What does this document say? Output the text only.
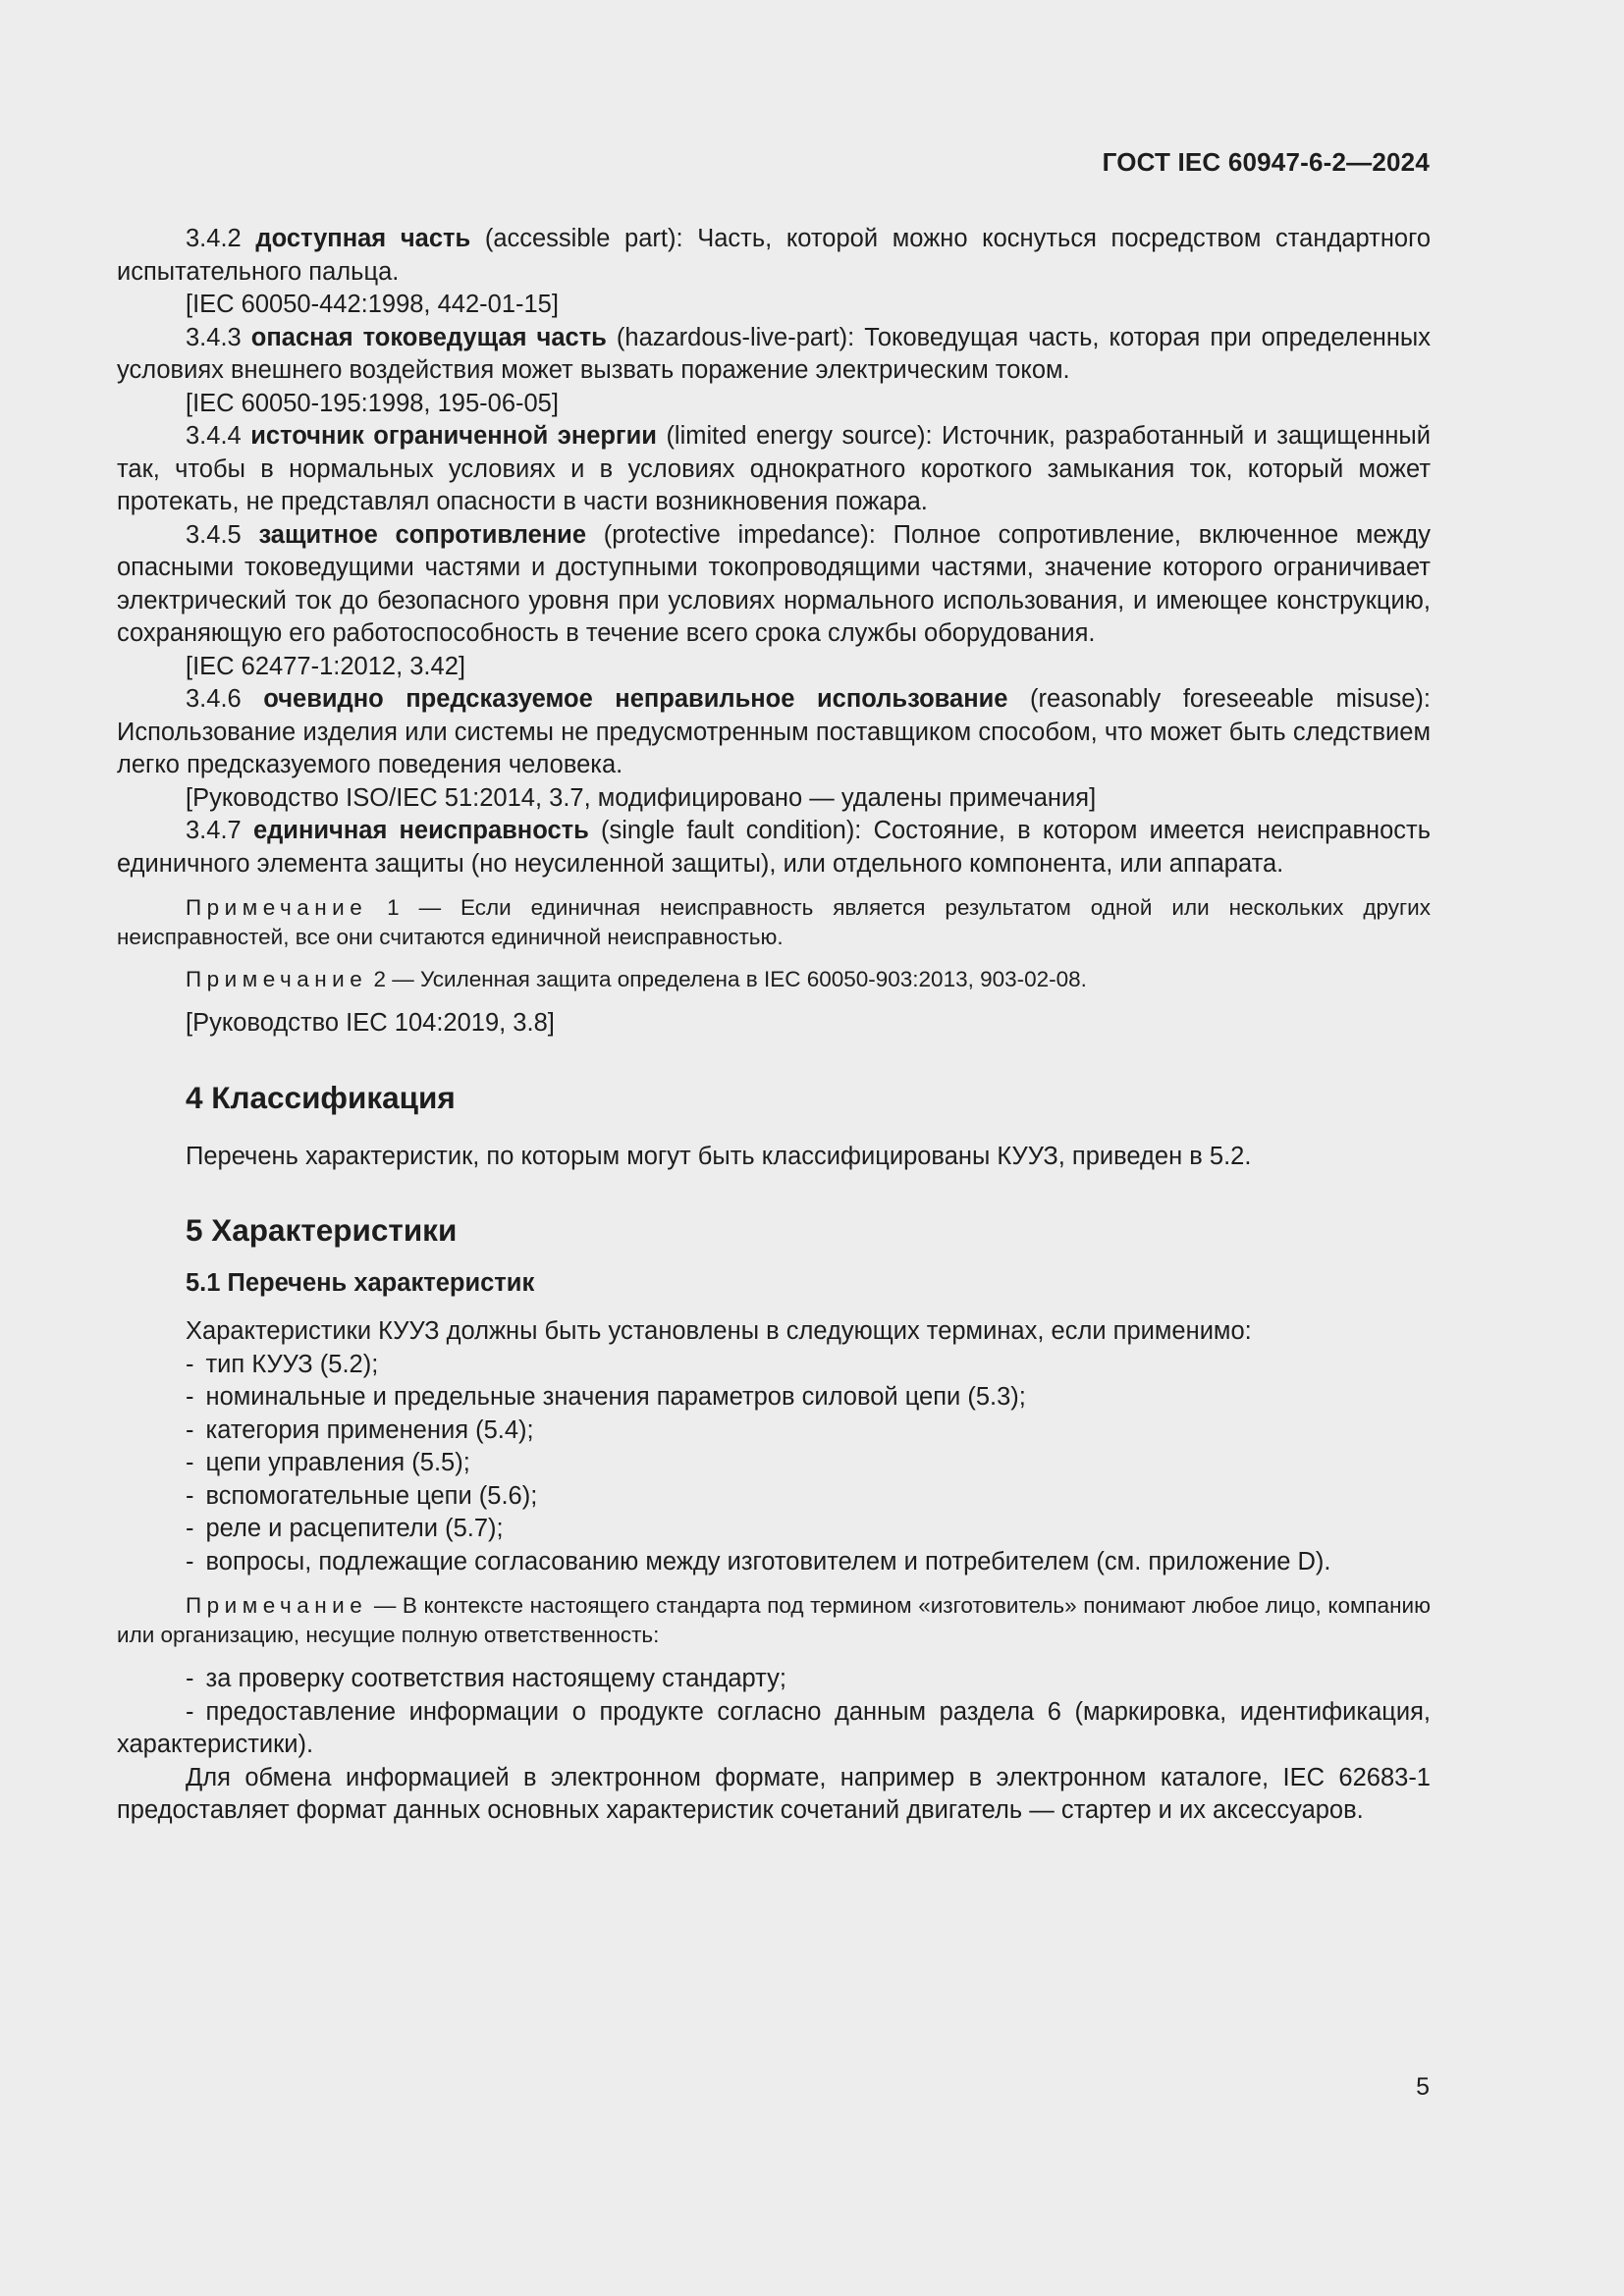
ГОСТ IEC 60947-6-2—2024

3.4.2 доступная часть (accessible part): Часть, которой можно коснуться посредством стандартного испытательного пальца.

[IEC 60050-442:1998, 442-01-15]

3.4.3 опасная токоведущая часть (hazardous-live-part): Токоведущая часть, которая при определенных условиях внешнего воздействия может вызвать поражение электрическим током.

[IEC 60050-195:1998, 195-06-05]

3.4.4 источник ограниченной энергии (limited energy source): Источник, разработанный и защищенный так, чтобы в нормальных условиях и в условиях однократного короткого замыкания ток, который может протекать, не представлял опасности в части возникновения пожара.

3.4.5 защитное сопротивление (protective impedance): Полное сопротивление, включенное между опасными токоведущими частями и доступными токопроводящими частями, значение которого ограничивает электрический ток до безопасного уровня при условиях нормального использования, и имеющее конструкцию, сохраняющую его работоспособность в течение всего срока службы оборудования.

[IEC 62477-1:2012, 3.42]

3.4.6 очевидно предсказуемое неправильное использование (reasonably foreseeable misuse): Использование изделия или системы не предусмотренным поставщиком способом, что может быть следствием легко предсказуемого поведения человека.

[Руководство ISO/IEC 51:2014, 3.7, модифицировано — удалены примечания]

3.4.7 единичная неисправность (single fault condition): Состояние, в котором имеется неисправность единичного элемента защиты (но неусиленной защиты), или отдельного компонента, или аппарата.

Примечание 1 — Если единичная неисправность является результатом одной или нескольких других неисправностей, все они считаются единичной неисправностью.

Примечание 2 — Усиленная защита определена в IEC 60050-903:2013, 903-02-08.

[Руководство IEC 104:2019, 3.8]

4 Классификация

Перечень характеристик, по которым могут быть классифицированы КУУЗ, приведен в 5.2.

5 Характеристики
5.1 Перечень характеристик

Характеристики КУУЗ должны быть установлены в следующих терминах, если применимо:

- тип КУУЗ (5.2);
- номинальные и предельные значения параметров силовой цепи (5.3);
- категория применения (5.4);
- цепи управления (5.5);
- вспомогательные цепи (5.6);
- реле и расцепители (5.7);
- вопросы, подлежащие согласованию между изготовителем и потребителем (см. приложение D).

Примечание — В контексте настоящего стандарта под термином «изготовитель» понимают любое лицо, компанию или организацию, несущие полную ответственность:

- за проверку соответствия настоящему стандарту;
- предоставление информации о продукте согласно данным раздела 6 (маркировка, идентификация, характеристики).

Для обмена информацией в электронном формате, например в электронном каталоге, IEC 62683-1 предоставляет формат данных основных характеристик сочетаний двигатель — стартер и их аксессуаров.

5
